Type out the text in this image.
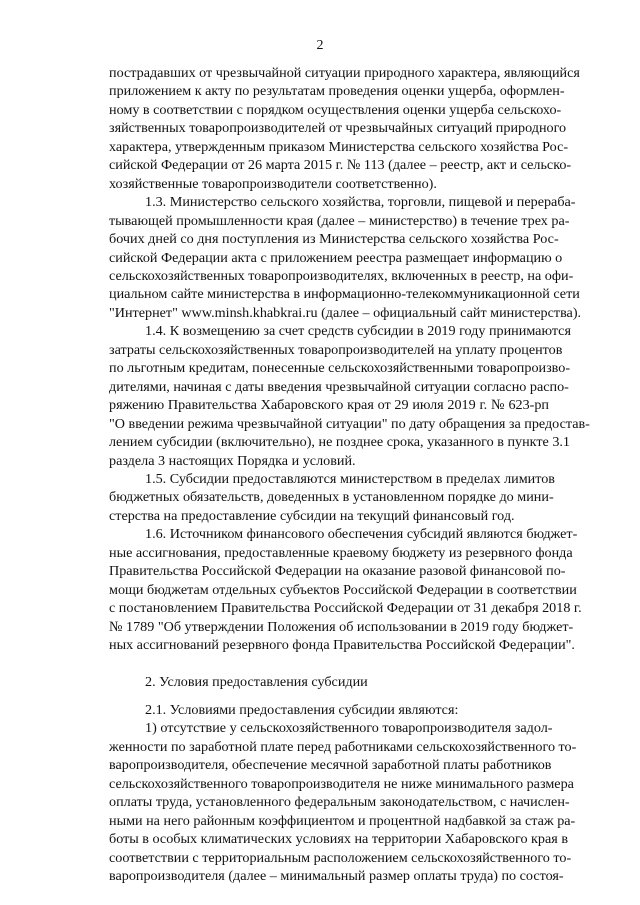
2

пострадавших от чрезвычайной ситуации природного характера, являющийся
приложением к акту по результатам проведения оценки ущерба, оформлен-
ному в соответствии с порядком осуществления оценки ущерба сельскохо-
зяйственных товаропроизводителей от чрезвычайных ситуаций природного
характера, утвержденным приказом Министерства сельского хозяйства Рос-
сийской Федерации от 26 марта 2015 г. № 113 (далее – реестр, акт и сельско-
хозяйственные товаропроизводители соответственно).

1.3. Министерство сельского хозяйства, торговли, пищевой и перераба-
тывающей промышленности края (далее – министерство) в течение трех ра-
бочих дней со дня поступления из Министерства сельского хозяйства Рос-
сийской Федерации акта с приложением реестра размещает информацию о
сельскохозяйственных товаропроизводителях, включенных в реестр, на офи-
циальном сайте министерства в информационно-телекоммуникационной сети
"Интернет" www.minsh.khabkrai.ru (далее – официальный сайт министерства).

1.4. К возмещению за счет средств субсидии в 2019 году принимаются
затраты сельскохозяйственных товаропроизводителей на уплату процентов
по льготным кредитам, понесенные сельскохозяйственными товаропроизво-
дителями, начиная с даты введения чрезвычайной ситуации согласно распо-
ряжению Правительства Хабаровского края от 29 июля 2019 г. № 623-рп
"О введении режима чрезвычайной ситуации" по дату обращения за предостав-
лением субсидии (включительно), не позднее срока, указанного в пункте 3.1
раздела 3 настоящих Порядка и условий.

1.5. Субсидии предоставляются министерством в пределах лимитов
бюджетных обязательств, доведенных в установленном порядке до мини-
стерства на предоставление субсидии на текущий финансовый год.

1.6. Источником финансового обеспечения субсидий являются бюджет-
ные ассигнования, предоставленные краевому бюджету из резервного фонда
Правительства Российской Федерации на оказание разовой финансовой по-
мощи бюджетам отдельных субъектов Российской Федерации в соответствии
с постановлением Правительства Российской Федерации от 31 декабря 2018 г.
№ 1789 "Об утверждении Положения об использовании в 2019 году бюджет-
ных ассигнований резервного фонда Правительства Российской Федерации".

2. Условия предоставления субсидии

2.1. Условиями предоставления субсидии являются:

1) отсутствие у сельскохозяйственного товаропроизводителя задол-
женности по заработной плате перед работниками сельскохозяйственного то-
варопроизводителя, обеспечение месячной заработной платы работников
сельскохозяйственного товаропроизводителя не ниже минимального размера
оплаты труда, установленного федеральным законодательством, с начислен-
ными на него районным коэффициентом и процентной надбавкой за стаж ра-
боты в особых климатических условиях на территории Хабаровского края в
соответствии с территориальным расположением сельскохозяйственного то-
варопроизводителя (далее – минимальный размер оплаты труда) по состоя-
